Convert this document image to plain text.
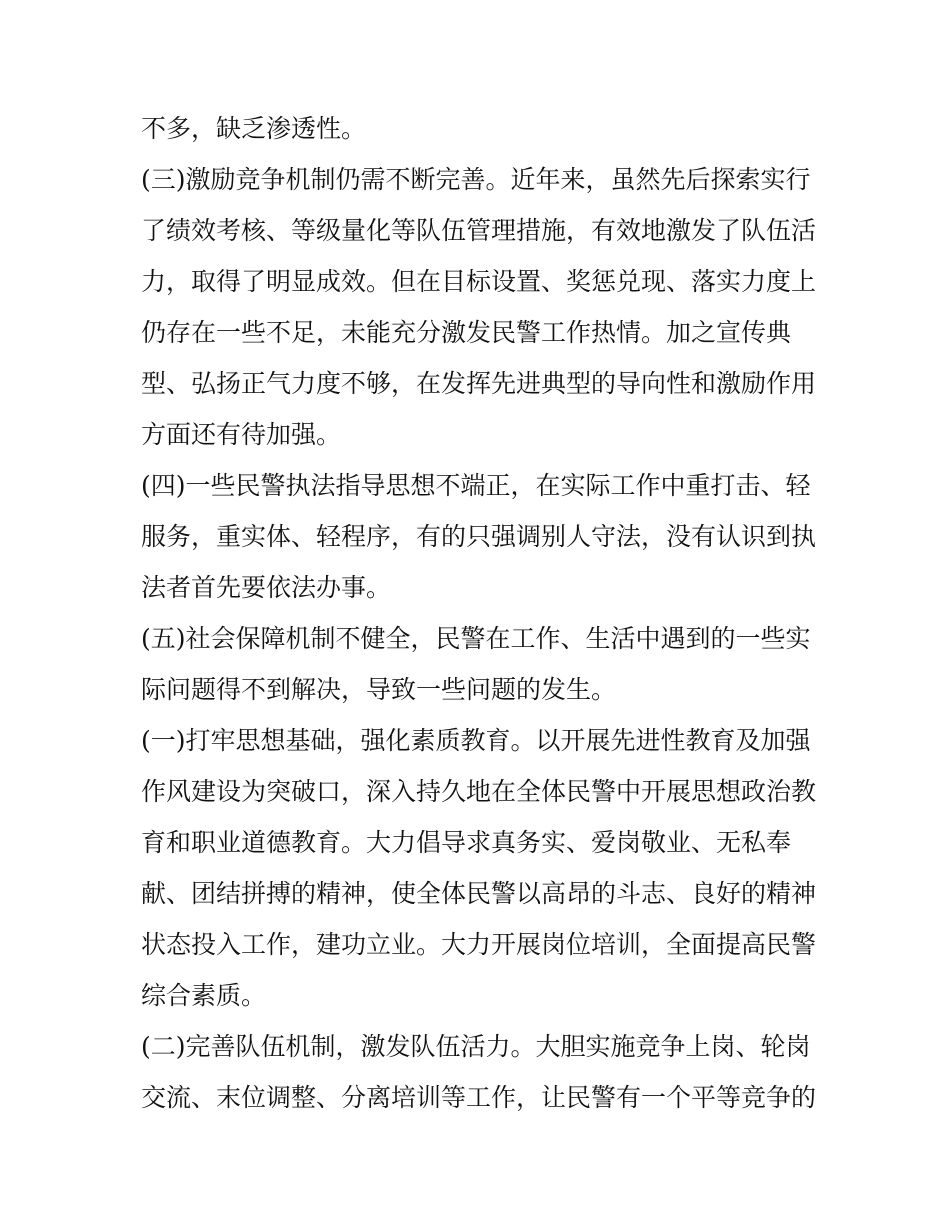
不多，缺乏渗透性。
(三)激励竞争机制仍需不断完善。近年来，虽然先后探索实行
了绩效考核、等级量化等队伍管理措施，有效地激发了队伍活
力，取得了明显成效。但在目标设置、奖惩兑现、落实力度上
仍存在一些不足，未能充分激发民警工作热情。加之宣传典
型、弘扬正气力度不够，在发挥先进典型的导向性和激励作用
方面还有待加强。
(四)一些民警执法指导思想不端正，在实际工作中重打击、轻
服务，重实体、轻程序，有的只强调别人守法，没有认识到执
法者首先要依法办事。
(五)社会保障机制不健全，民警在工作、生活中遇到的一些实
际问题得不到解决，导致一些问题的发生。
(一)打牢思想基础，强化素质教育。以开展先进性教育及加强
作风建设为突破口，深入持久地在全体民警中开展思想政治教
育和职业道德教育。大力倡导求真务实、爱岗敬业、无私奉
献、团结拼搏的精神，使全体民警以高昂的斗志、良好的精神
状态投入工作，建功立业。大力开展岗位培训，全面提高民警
综合素质。
(二)完善队伍机制，激发队伍活力。大胆实施竞争上岗、轮岗
交流、末位调整、分离培训等工作，让民警有一个平等竞争的
